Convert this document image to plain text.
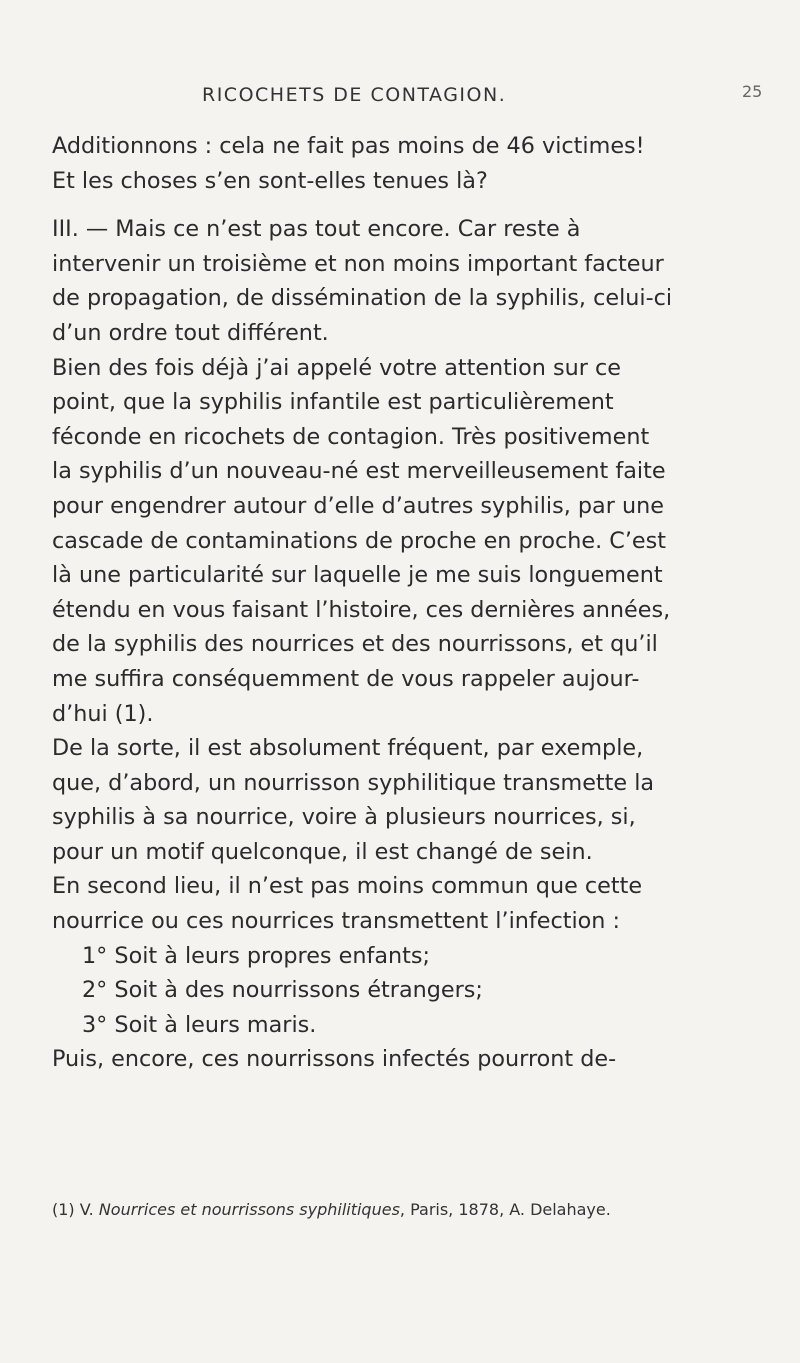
RICOCHETS DE CONTAGION.	25
Additionnons : cela ne fait pas moins de 46 victimes!
Et les choses s’en sont-elles tenues là?
III. — Mais ce n’est pas tout encore. Car reste à
intervenir un troisième et non moins important facteur
de propagation, de dissémination de la syphilis, celui-ci
d’un ordre tout différent.
Bien des fois déjà j’ai appelé votre attention sur ce
point, que la syphilis infantile est particulièrement
féconde en ricochets de contagion. Très positivement
la syphilis d’un nouveau-né est merveilleusement faite
pour engendrer autour d’elle d’autres syphilis, par une
cascade de contaminations de proche en proche. C’est
là une particularité sur laquelle je me suis longuement
étendu en vous faisant l’histoire, ces dernières années,
de la syphilis des nourrices et des nourrissons, et qu’il
me suffira conséquemment de vous rappeler aujour-
d’hui (1).
De la sorte, il est absolument fréquent, par exemple,
que, d’abord, un nourrisson syphilitique transmette la
syphilis à sa nourrice, voire à plusieurs nourrices, si,
pour un motif quelconque, il est changé de sein.
En second lieu, il n’est pas moins commun que cette
nourrice ou ces nourrices transmettent l’infection :
1° Soit à leurs propres enfants;
2° Soit à des nourrissons étrangers;
3° Soit à leurs maris.
Puis, encore, ces nourrissons infectés pourront de-
(1) V. Nourrices et nourrissons syphilitiques, Paris, 1878, A. Delahaye.
